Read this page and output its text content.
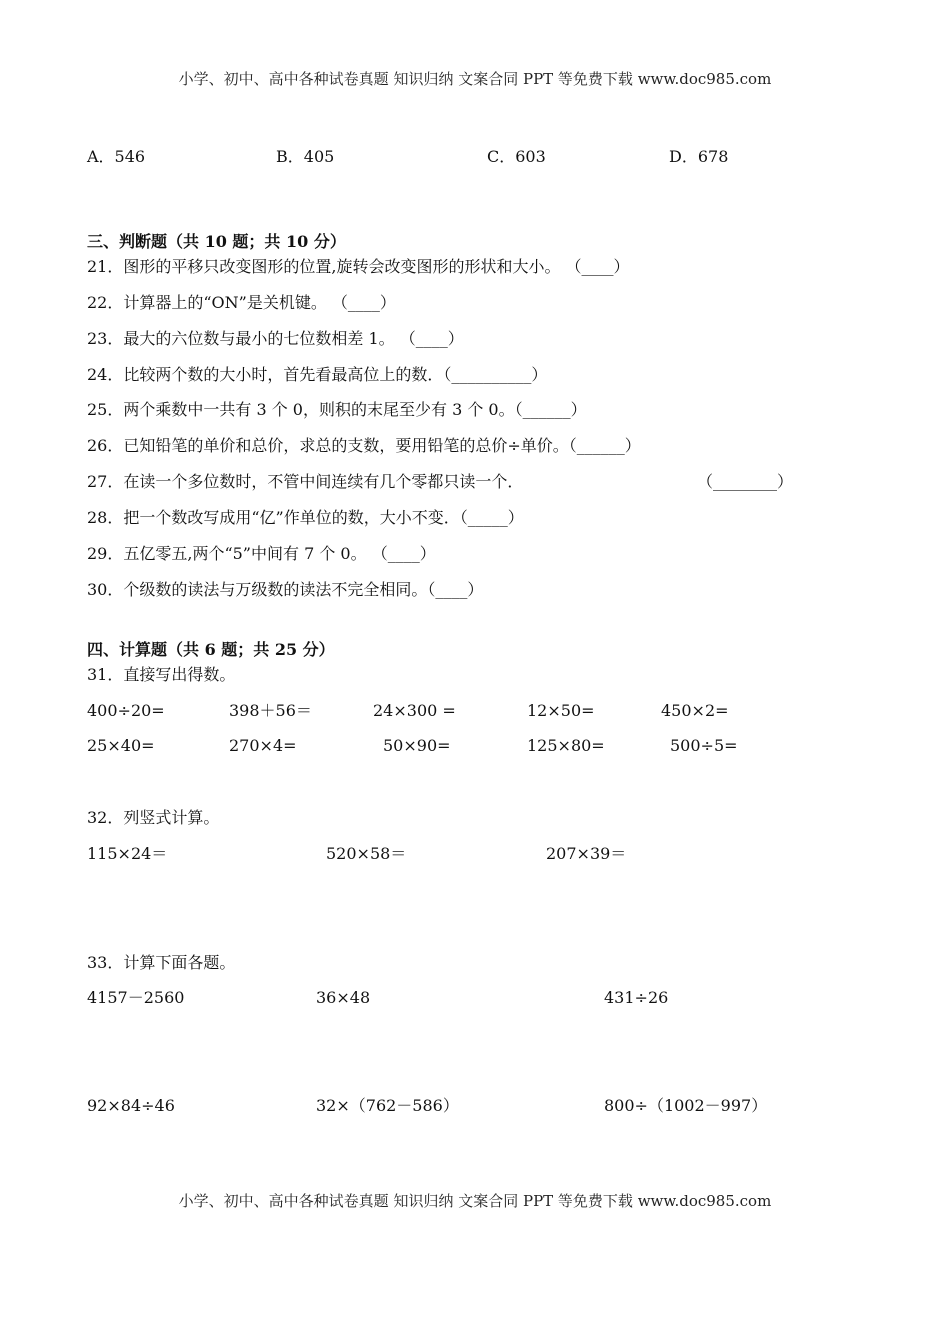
小学、初中、高中各种试卷真题 知识归纳 文案合同 PPT 等免费下载 www.doc985.com
A．546	B．405	C．603	D．678
三、判断题（共 10 题；共 10 分）
21．图形的平移只改变图形的位置,旋转会改变图形的形状和大小。 （____）
22．计算器上的“ON”是关机键。 （____）
23．最大的六位数与最小的七位数相差 1。 （____）
24．比较两个数的大小时，首先看最高位上的数．（__________）
25．两个乘数中一共有 3 个 0，则积的末尾至少有 3 个 0。（______）
26．已知铅笔的单价和总价，求总的支数，要用铅笔的总价÷单价。（______）
27．在读一个多位数时，不管中间连续有几个零都只读一个．	（________）
28．把一个数改写成用“亿”作单位的数，大小不变．（_____）
29．五亿零五,两个“5”中间有 7 个 0。 （____）
30．个级数的读法与万级数的读法不完全相同。（____）
四、计算题（共 6 题；共 25 分）
31．直接写出得数。
400÷20=	398＋56＝	24×300 =	12×50=	450×2=
25×40=	270×4=	50×90=	125×80=	500÷5=
32．列竖式计算。
115×24＝	520×58＝	207×39＝
33．计算下面各题。
4157－2560	36×48	431÷26
92×84÷46	32×（762－586）	800÷（1002－997）
小学、初中、高中各种试卷真题 知识归纳 文案合同 PPT 等免费下载 www.doc985.com
